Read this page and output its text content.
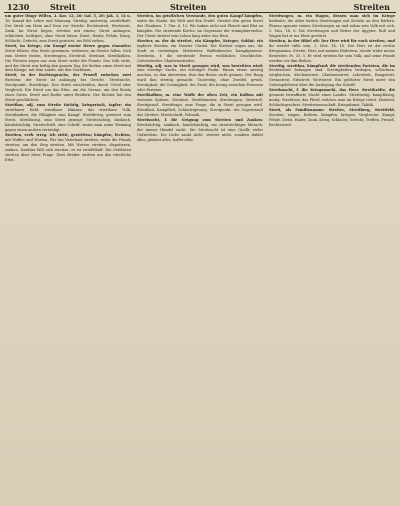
1230	Streit	Streiten	Streiten

um guter Dinge Willen, 2. Kor. 12, 20; Gal. 5, 20; Jak. 3, 14 u. 16; Kampf der Lehre und Meinung. Streitig, unstreitig, zweifelhaft. Der Streit um Mein und Dein vor Gericht. Rechtsstreit, Wortstreit, Zank. Im Streit liegen, streiten mit einem; Streit anfangen, schlichten, beilegen; ohne Streit leben. Zwist, Hader, Fehde, Krieg, Schlacht, Gefecht; zum Streit gerüstet, ins Feld ziehen.

Streit, im Kriege, ein Kampf zweier Heere gegen einander; Streit führen, den Streit gewinnen, verlieren; im Streite fallen. Sich zum Streite rüsten, Streitwagen, Streitroß, Streitaxt, Streitkolben. Die Fürsten zogen aus zum Streit wider die Feinde. Das Volk stritt, und der Streit war heftig den ganzen Tag. Sie hielten einen Streit mit dem Könige, mit dem Lande, mit den Nachbarn.

Streit, in der Rechtssprache, der Prozeß zwischen zwei Parteien; der Streit ist anhängig bei Gericht. Streitsache, Streitpunkt, Streitfrage. Den Streit entscheiden, durch Urteil oder Vergleich. Ein Streit um das Erbe, um die Grenze, um den Besitz eines Gutes. Streit und Hader unter Brüdern. Der Richter hat den Streit geschlichtet.

Streitbar, adj. zum Streite tüchtig, kriegerisch, tapfer; ein streitbarer Held, streitbare Männer; das streitbare Volk. Streitbarkeit, die Fähigkeit zum Kampf. Streitfertig, gerüstet zum Streit. Streitlustig, zum Streit geneigt. Streitsüchtig, zänkisch, händelsüchtig. Streitschrift, eine Schrift, worin man seine Meinung gegen einen andern verteidigt.

Streiten, verb. irreg. ich stritt, gestritten; kämpfen, fechten, mit Waffen und Worten. Für das Vaterland streiten; wider die Feinde streiten; um den Sieg streiten. Mit Worten streiten, disputieren, zanken. Darüber läßt sich streiten, es ist zweifelhaft. Die Gelehrten streiten über diese Frage. Zwei Brüder stritten um das väterliche Erbe.

Streiten, im geistlichen Verstande, den guten Kampf kämpfen, wider die Sünde, die Welt und den Teufel. Streitet den guten Streit des Glaubens, 1. Tim. 6, 12. Wir haben nicht mit Fleisch und Blut zu kämpfen. Die streitende Kirche, im Gegensatz der triumphierenden. Der Christ streitet sein Leben lang wider das Böse.

Streiter, m. der da streitet, ein Kämpfer, Krieger, Soldat; ein tapferer Streiter, ein Streiter Christi. Die Streiter zogen aus, die Stadt zu verteidigen. Mitstreiter, Waffenbruder, Kampfgenosse. Streiterin, f. die streitende Person weiblichen Geschlechts. Gottesstreiter, Glaubensstreiter.

Streitig, adj. was in Streit gezogen wird, was bestritten wird; eine streitige Sache, ein streitiger Punkt. Einem etwas streitig machen, es ihm abstreiten, ihm den Besitz nicht gönnen. Der Rang ward ihm streitig gemacht. Unstreitig, ohne Zweifel, gewiß. Streitigkeit, die Uneinigkeit, der Zwist, die Irrung zwischen Personen oder Parteien.

Streitkolben, m. eine Waffe der alten Zeit, ein Kolben mit eisernen Spitzen. Streitaxt, Streithammer, Streitwagen, Streitroß, Streitgenoß. Streitfrage, eine Frage, die in Streit gezogen wird. Streitlied, Kampflied, Schlachtgesang. Streitpunkt, der Gegenstand des Streites. Streitschrift, Polemik.

Streitsucht, f. die Neigung zum Streiten und Zanken; Streitsüchtig, zänkisch, händelsüchtig, ein streitsüchtiger Mensch, der immer Händel sucht. Die Streitsucht ist eine Quelle vieles Unfriedens. Die Liebe zankt nicht, streitet nicht, sondern duldet alles, glaubet alles, hoffet alles.

Streitwagen, m. ein Wagen, dessen man sich im Kriege bediente; die Alten hatten Streitwagen mit Sicheln an den Rädern. Pharao spannte seinen Streitwagen an und nahm sein Volk mit sich, 2. Mos. 14, 6. Die Streitwagen und Reiter der Ägypter. Roß und Wagen hat er ins Meer gestürzt.

Streiten, in der Bibel oft: Der Herr wird für euch streiten, und ihr werdet stille sein, 2. Mos. 14, 14. Der Herr ist der rechte Kriegsmann. Streite, Herr, mit meinen Haderern; streite wider meine Bestreiter, Ps. 35, 1. Er wird streiten für sein Volk, und seine Feinde werden vor ihm fliehen.

Streitig, streitbar, kämpfend; die streitenden Parteien, die im Rechtsstreit befangen sind. Streitigkeiten beilegen, schlichten, vergleichen. Kirchenstreit, Glaubensstreit, Lehrstreit, Rangstreit, Grenzstreit, Erbstreit, Wortstreit. Ein gelehrter Streit unter den Gottesgelehrten über die Auslegung der Schrift.

Streitmacht, f. die Kriegsmacht, das Heer. Streitkräfte, die gesamte bewaffnete Macht eines Landes. Streitlustig, kampflustig, mutig. Streitross, das Pferd, welches man im Kriege reitet. Streitruf, Schlachtgeschrei. Streitwissenschaft, Kriegskunst, Taktik.

Streit, als Familienname; Streiter, Streitberg, Streitfeld. Streiten, ringen, fechten, kämpfen, kriegen. Vergleiche: Kampf, Fehde, Zwist, Hader, Zank, Krieg, Schlacht, Gefecht, Treffen, Prozeß, Rechtsstreit.
